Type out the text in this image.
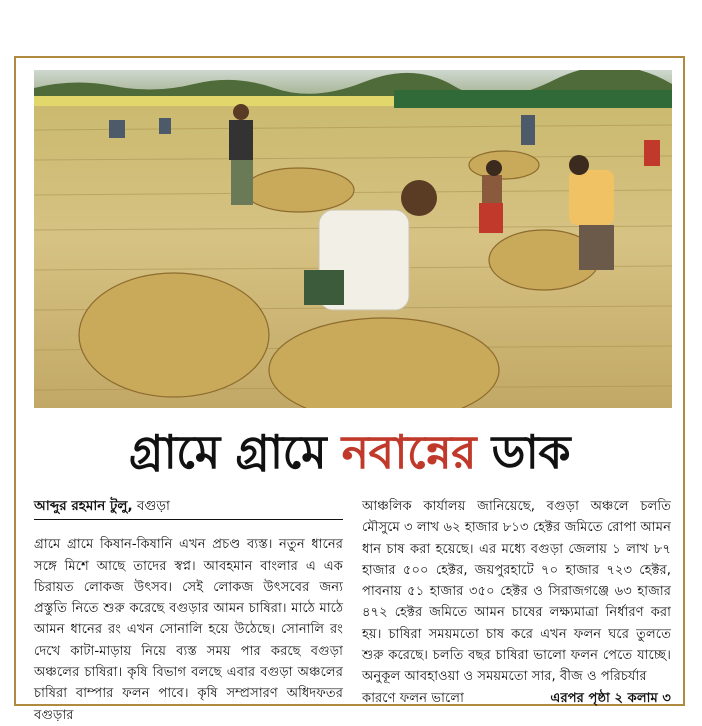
গ্রামে গ্রামে নবান্নের ডাক
আব্দুর রহমান টুলু, বগুড়া
গ্রামে গ্রামে কিষান-কিষানি এখন প্রচণ্ড ব্যস্ত। নতুন ধানের সঙ্গে মিশে আছে তাদের স্বপ্ন। আবহমান বাংলার এ এক চিরায়ত লোকজ উৎসব। সেই লোকজ উৎসবের জন্য প্রস্তুতি নিতে শুরু করেছে বগুড়ার আমন চাষিরা। মাঠে মাঠে আমন ধানের রং এখন সোনালি হয়ে উঠেছে। সোনালি রং দেখে কাটা-মাড়ায় নিয়ে ব্যস্ত সময় পার করছে বগুড়া অঞ্চলের চাষিরা। কৃষি বিভাগ বলছে এবার বগুড়া অঞ্চলের চাষিরা বাম্পার ফলন পাবে। কৃষি সম্প্রসারণ অধিদফতর বগুড়ার
আঞ্চলিক কার্যালয় জানিয়েছে, বগুড়া অঞ্চলে চলতি মৌসুমে ৩ লাখ ৬২ হাজার ৮১৩ হেক্টর জমিতে রোপা আমন ধান চাষ করা হয়েছে। এর মধ্যে বগুড়া জেলায় ১ লাখ ৮৭ হাজার ৫০০ হেক্টর, জয়পুরহাটে ৭০ হাজার ৭২৩ হেক্টর, পাবনায় ৫১ হাজার ৩৫০ হেক্টর ও সিরাজগঞ্জে ৬৩ হাজার ৪৭২ হেক্টর জমিতে আমন চাষের লক্ষ্যমাত্রা নির্ধারণ করা হয়। চাষিরা সময়মতো চাষ করে এখন ফলন ঘরে তুলতে শুরু করেছে। চলতি বছর চাষিরা ভালো ফলন পেতে যাচ্ছে। অনুকূল আবহাওয়া ও সময়মতো সার, বীজ ও পরিচর্যার
কারণে ফলন ভালো	এরপর পৃষ্ঠা ২ কলাম ৩
